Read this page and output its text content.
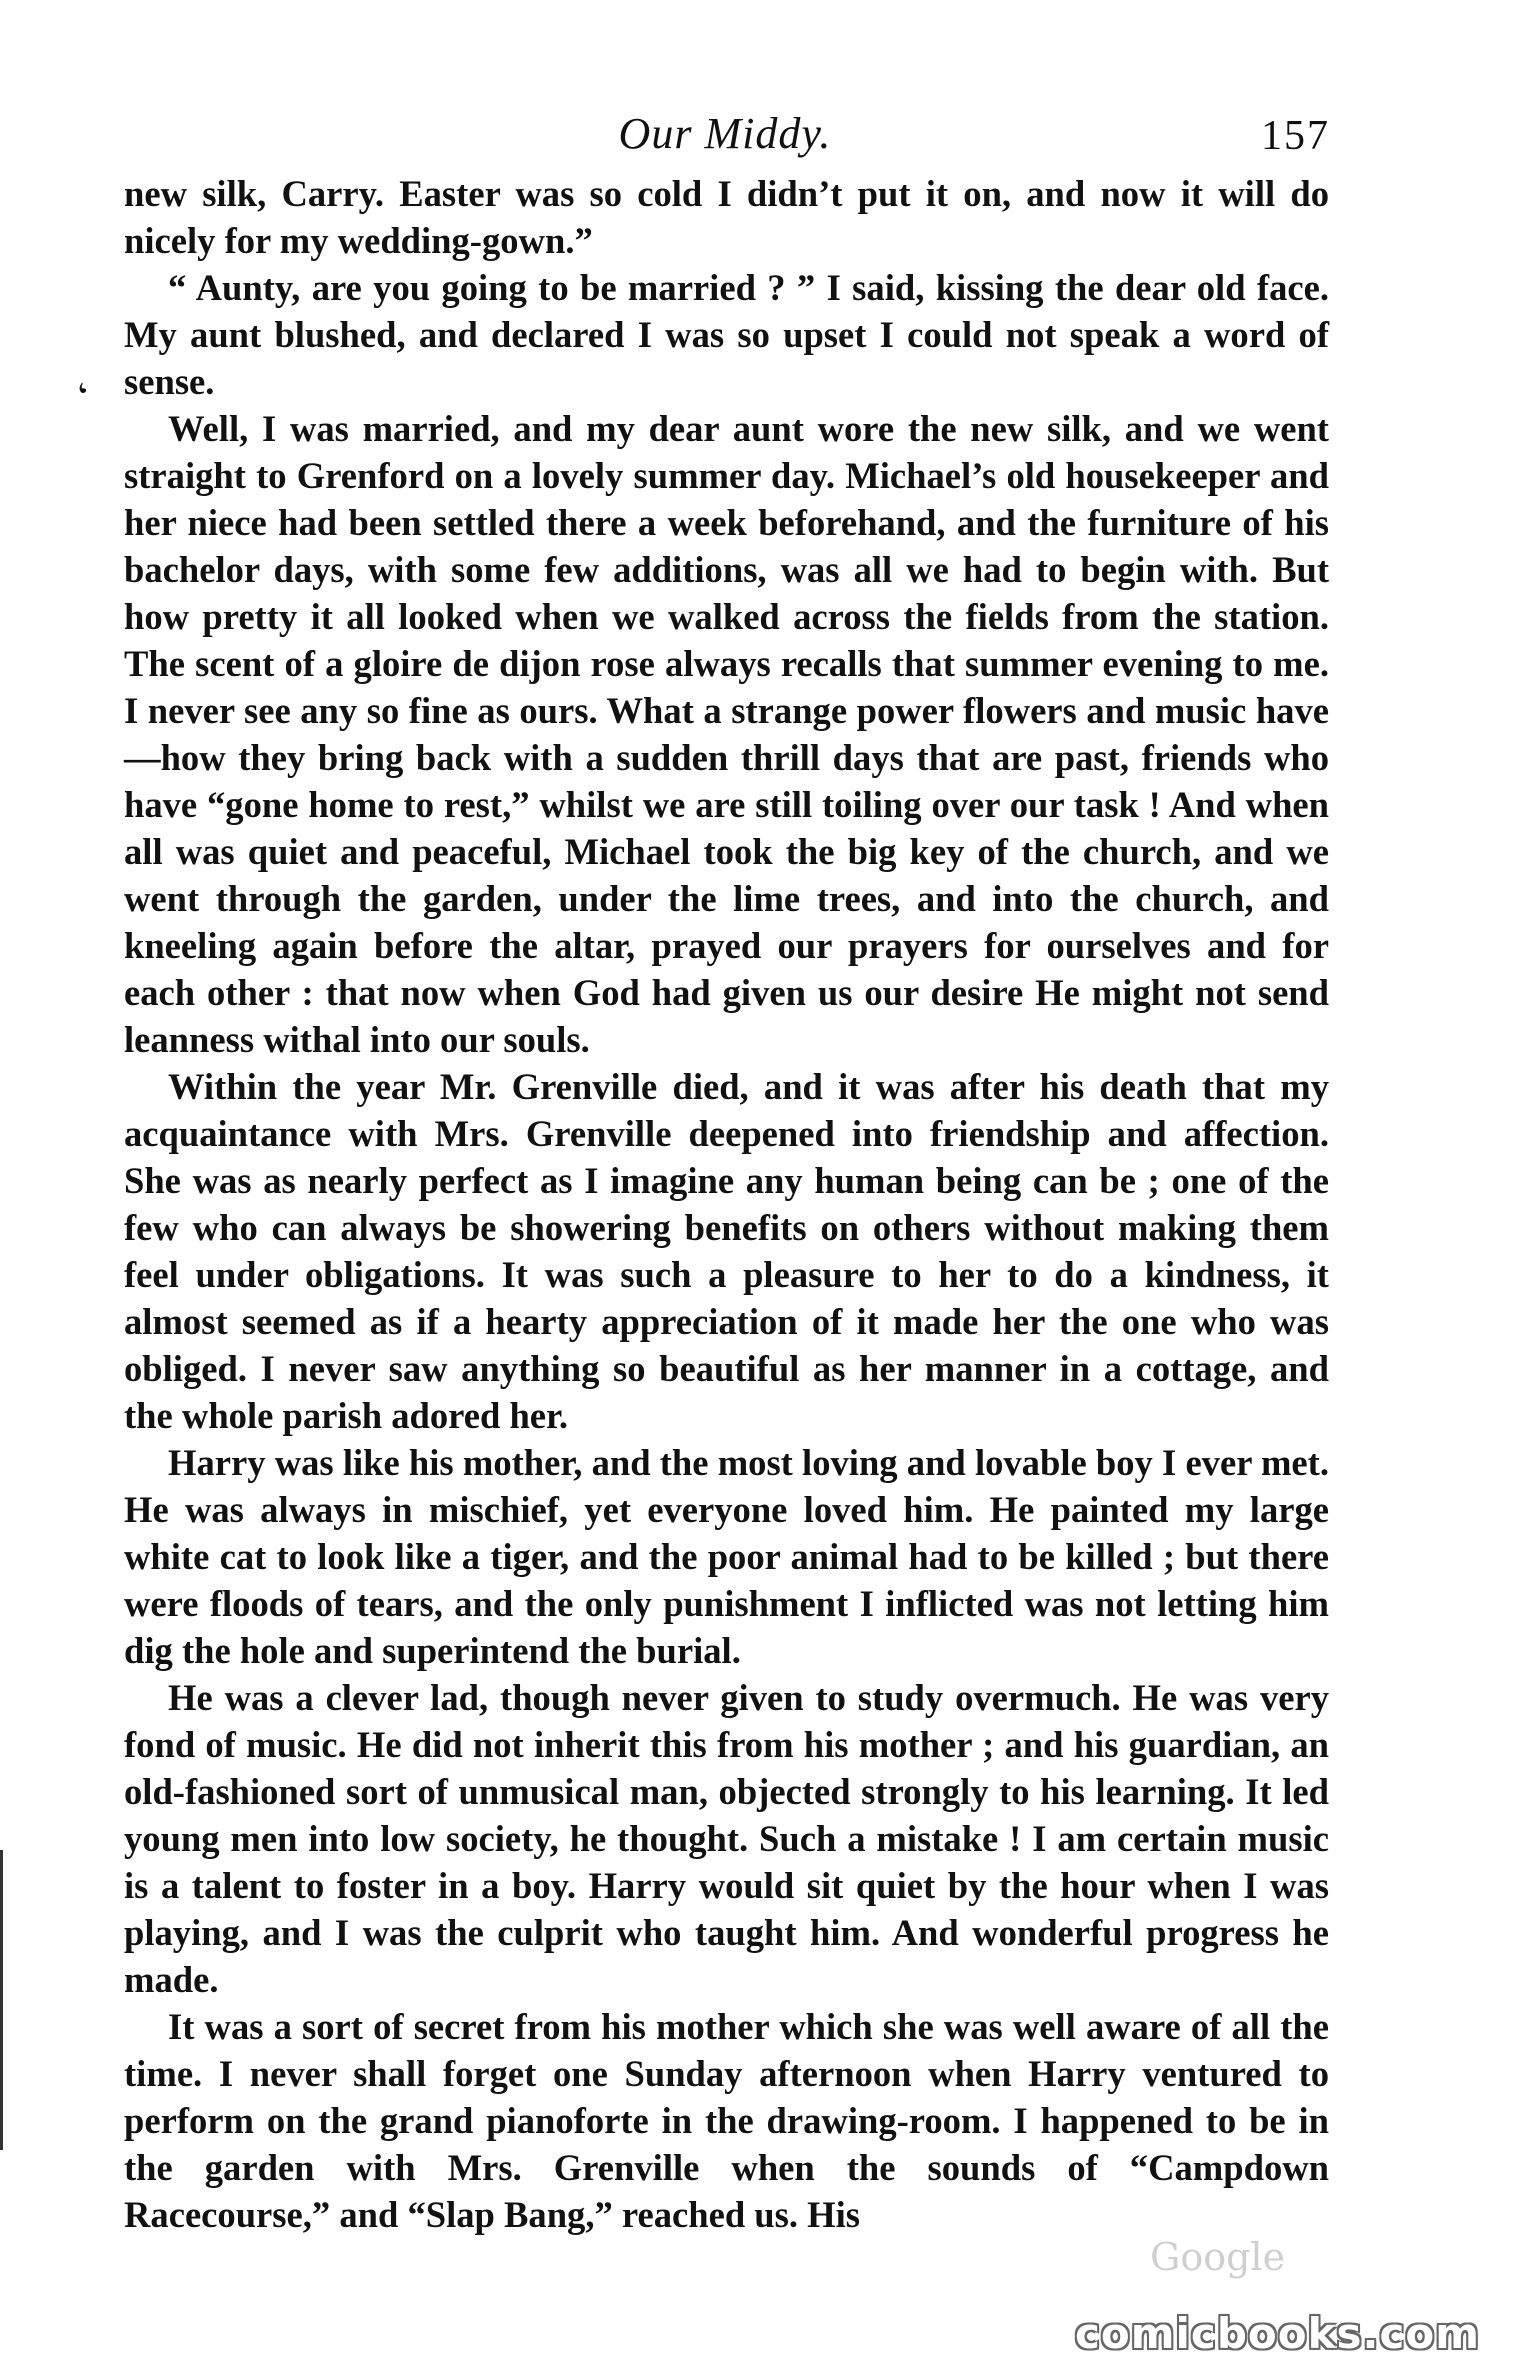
Our Middy.	157
‘

new silk, Carry. Easter was so cold I didn’t put it on, and now it will do nicely for my wedding-gown.”

“ Aunty, are you going to be married ? ” I said, kissing the dear old face. My aunt blushed, and declared I was so upset I could not speak a word of sense.

Well, I was married, and my dear aunt wore the new silk, and we went straight to Grenford on a lovely summer day. Michael’s old housekeeper and her niece had been settled there a week beforehand, and the furniture of his bachelor days, with some few additions, was all we had to begin with. But how pretty it all looked when we walked across the fields from the station. The scent of a gloire de dijon rose always recalls that summer evening to me. I never see any so fine as ours. What a strange power flowers and music have—how they bring back with a sudden thrill days that are past, friends who have “gone home to rest,” whilst we are still toiling over our task ! And when all was quiet and peaceful, Michael took the big key of the church, and we went through the garden, under the lime trees, and into the church, and kneeling again before the altar, prayed our prayers for ourselves and for each other : that now when God had given us our desire He might not send leanness withal into our souls.

Within the year Mr. Grenville died, and it was after his death that my acquaintance with Mrs. Grenville deepened into friendship and affection. She was as nearly perfect as I imagine any human being can be ; one of the few who can always be showering benefits on others without making them feel under obligations. It was such a pleasure to her to do a kindness, it almost seemed as if a hearty appreciation of it made her the one who was obliged. I never saw anything so beautiful as her manner in a cottage, and the whole parish adored her.

Harry was like his mother, and the most loving and lovable boy I ever met. He was always in mischief, yet everyone loved him. He painted my large white cat to look like a tiger, and the poor animal had to be killed ; but there were floods of tears, and the only punishment I inflicted was not letting him dig the hole and superintend the burial.

He was a clever lad, though never given to study overmuch. He was very fond of music. He did not inherit this from his mother ; and his guardian, an old-fashioned sort of unmusical man, objected strongly to his learning. It led young men into low society, he thought. Such a mistake ! I am certain music is a talent to foster in a boy. Harry would sit quiet by the hour when I was playing, and I was the culprit who taught him. And wonderful progress he made.

It was a sort of secret from his mother which she was well aware of all the time. I never shall forget one Sunday afternoon when Harry ventured to perform on the grand pianoforte in the drawing-room. I happened to be in the garden with Mrs. Grenville when the sounds of “Campdown Racecourse,” and “Slap Bang,” reached us. His

Google
comicbooks.com
